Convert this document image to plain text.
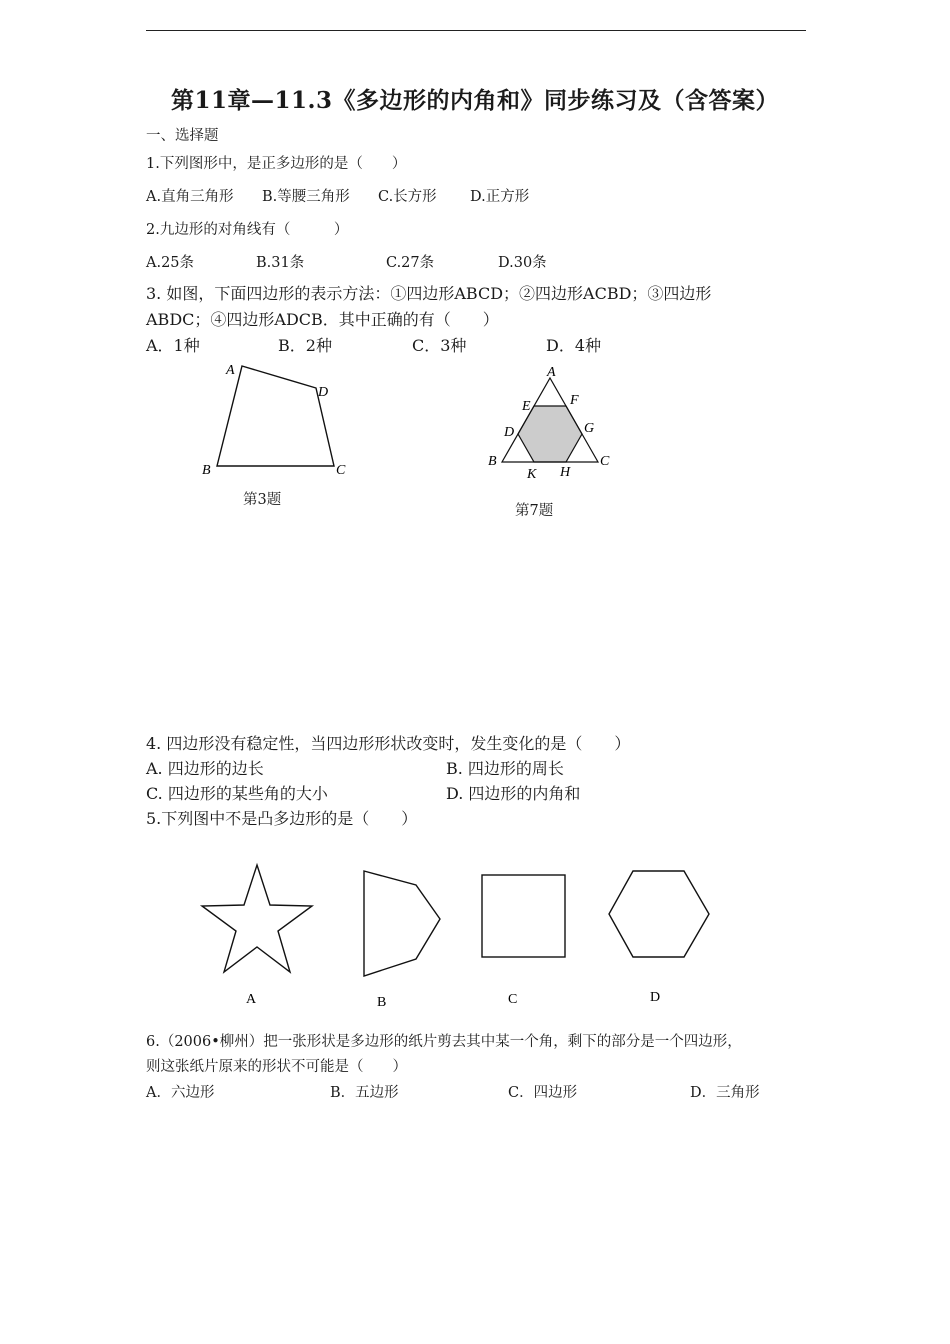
第11章—11.3《多边形的内角和》同步练习及（含答案）
一、选择题
1.下列图形中，是正多边形的是（　　）
A.直角三角形 B.等腰三角形 C.长方形 D.正方形
2.九边形的对角线有（　　　）
A.25条	B.31条	C.27条	D.30条
3. 如图，下面四边形的表示方法：①四边形ABCD；②四边形ACBD；③四边形
ABDC；④四边形ADCB．其中正确的有（　　）
A．1种	B．2种	C．3种	D．4种
A
D
B	C
第3题
A
F
E
G
D
B
K H
C
第7题
4. 四边形没有稳定性，当四边形形状改变时，发生变化的是（　　）
A. 四边形的边长	B. 四边形的周长
C. 四边形的某些角的大小	D. 四边形的内角和
5.下列图中不是凸多边形的是（　　）
A	B	C	D
6.（2006•柳州）把一张形状是多边形的纸片剪去其中某一个角，剩下的部分是一个四边形，
则这张纸片原来的形状不可能是（　　）
A．六边形	B．五边形	C．四边形	D．三角形
